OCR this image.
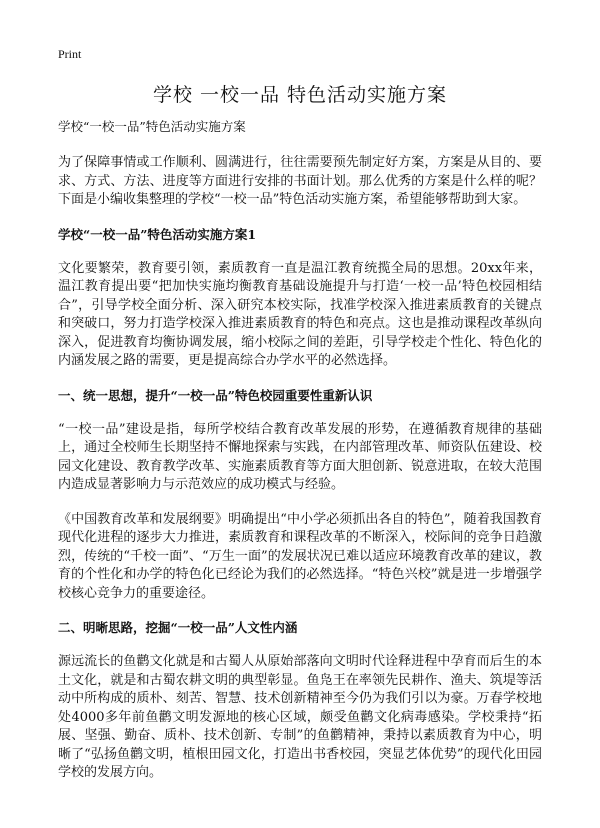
Print
学校 一校一品 特色活动实施方案

学校“一校一品”特色活动实施方案

为了保障事情或工作顺利、圆满进行，往往需要预先制定好方案，方案是从目的、要求、方式、方法、进度等方面进行安排的书面计划。那么优秀的方案是什么样的呢？下面是小编收集整理的学校“一校一品”特色活动实施方案，希望能够帮助到大家。

学校“一校一品”特色活动实施方案1

文化要繁荣，教育要引领，素质教育一直是温江教育统揽全局的思想。20xx年来，温江教育提出要“把加快实施均衡教育基础设施提升与打造‘一校一品’特色校园相结合”，引导学校全面分析、深入研究本校实际，找准学校深入推进素质教育的关键点和突破口，努力打造学校深入推进素质教育的特色和亮点。这也是推动课程改革纵向深入，促进教育均衡协调发展，缩小校际之间的差距，引导学校走个性化、特色化的内涵发展之路的需要，更是提高综合办学水平的必然选择。

一、统一思想，提升“一校一品”特色校园重要性重新认识

“一校一品”建设是指，每所学校结合教育改革发展的形势，在遵循教育规律的基础上，通过全校师生长期坚持不懈地探索与实践，在内部管理改革、师资队伍建设、校园文化建设、教育教学改革、实施素质教育等方面大胆创新、锐意进取，在较大范围内造成显著影响力与示范效应的成功模式与经验。

《中国教育改革和发展纲要》明确提出“中小学必须抓出各自的特色”，随着我国教育现代化进程的逐步大力推进，素质教育和课程改革的不断深入，校际间的竞争日趋激烈，传统的“千校一面”、“万生一面”的发展状况已难以适应环境教育改革的建议，教育的个性化和办学的特色化已经论为我们的必然选择。“特色兴校”就是进一步增强学校核心竞争力的重要途径。

二、明晰思路，挖掘“一校一品”人文性内涵

源远流长的鱼鹳文化就是和古蜀人从原始部落向文明时代诠释进程中孕育而后生的本土文化，就是和古蜀农耕文明的典型彰显。鱼凫王在率领先民耕作、渔夫、筑堤等活动中所构成的质朴、刻苦、智慧、技术创新精神至今仍为我们引以为豪。万春学校地处4000多年前鱼鹳文明发源地的核心区域，颇受鱼鹳文化病毒感染。学校秉持“拓展、坚强、勤奋、质朴、技术创新、专制”的鱼鹳精神，秉持以素质教育为中心，明晰了“弘扬鱼鹳文明，植根田园文化，打造出书香校园，突显艺体优势”的现代化田园学校的发展方向。
